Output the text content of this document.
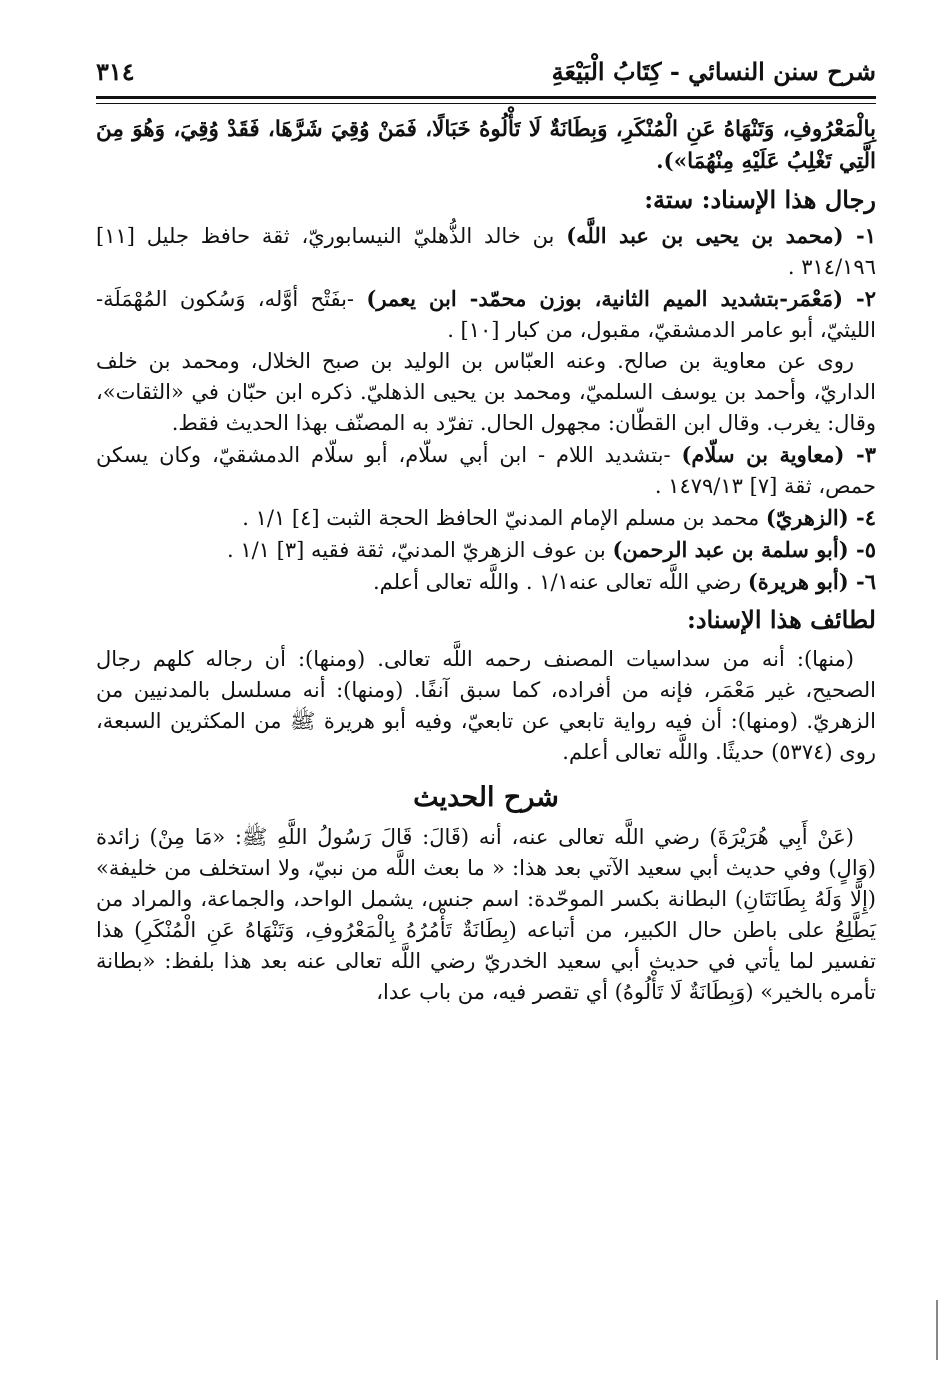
شرح سنن النسائي - كِتَابُ الْبَيْعَةِ
٣١٤

بِالْمَعْرُوفِ، وَتَنْهَاهُ عَنِ الْمُنْكَرِ، وَبِطَانَةٌ لَا تَأْلُوهُ خَبَالًا، فَمَنْ وُقِيَ شَرَّهَا، فَقَدْ وُقِيَ، وَهُوَ مِنَ الَّتِي تَغْلِبُ عَلَيْهِ مِنْهُمَا»).

رجال هذا الإسناد: ستة:

١- (محمد بن يحيى بن عبد اللَّه) بن خالد الذُّهليّ النيسابوريّ، ثقة حافظ جليل [١١] ٣١٤/١٩٦ .

٢- (مَعْمَر-بتشديد الميم الثانية، بوزن محمّد- ابن يعمر) -بفَتْح أوَّله، وَسُكون المُهْمَلَة- الليثيّ، أبو عامر الدمشقيّ، مقبول، من كبار [١٠] .

روى عن معاوية بن صالح. وعنه العبّاس بن الوليد بن صبح الخلال، ومحمد بن خلف الداريّ، وأحمد بن يوسف السلميّ، ومحمد بن يحيى الذهليّ. ذكره ابن حبّان في «الثقات»، وقال: يغرب. وقال ابن القطّان: مجهول الحال. تفرّد به المصنّف بهذا الحديث فقط.

٣- (معاوية بن سلّام) -بتشديد اللام - ابن أبي سلّام، أبو سلّام الدمشقيّ، وكان يسكن حمص، ثقة [٧] ١٤٧٩/١٣ .

٤- (الزهريّ) محمد بن مسلم الإمام المدنيّ الحافظ الحجة الثبت [٤] ١/١ .

٥- (أبو سلمة بن عبد الرحمن) بن عوف الزهريّ المدنيّ، ثقة فقيه [٣] ١/١ .

٦- (أبو هريرة) رضي اللَّه تعالى عنه١/١ . واللَّه تعالى أعلم.

لطائف هذا الإسناد:

(منها): أنه من سداسيات المصنف رحمه اللَّه تعالى. (ومنها): أن رجاله كلهم رجال الصحيح، غير مَعْمَر، فإنه من أفراده، كما سبق آنفًا. (ومنها): أنه مسلسل بالمدنيين من الزهريّ. (ومنها): أن فيه رواية تابعي عن تابعيّ، وفيه أبو هريرة ﷺ من المكثرين السبعة، روى (٥٣٧٤) حديثًا. واللَّه تعالى أعلم.

شرح الحديث

(عَنْ أَبِي هُرَيْرَةَ) رضي اللَّه تعالى عنه، أنه (قَالَ: قَالَ رَسُولُ اللَّهِ ﷺ: «مَا مِنْ) زائدة (وَالٍ) وفي حديث أبي سعيد الآتي بعد هذا: « ما بعث اللَّه من نبيّ، ولا استخلف من خليفة» (إِلَّا وَلَهُ بِطَانَتَانِ) البطانة بكسر الموحّدة: اسم جنس، يشمل الواحد، والجماعة، والمراد من يَطَّلِعُ على باطن حال الكبير، من أتباعه (بِطَانَةٌ تَأْمُرُهُ بِالْمَعْرُوفِ، وَتَنْهَاهُ عَنِ الْمُنْكَرِ) هذا تفسير لما يأتي في حديث أبي سعيد الخدريّ رضي اللَّه تعالى عنه بعد هذا بلفظ: «بطانة تأمره بالخير» (وَبِطَانَةٌ لَا تَأْلُوهُ) أي تقصر فيه، من باب عدا،
